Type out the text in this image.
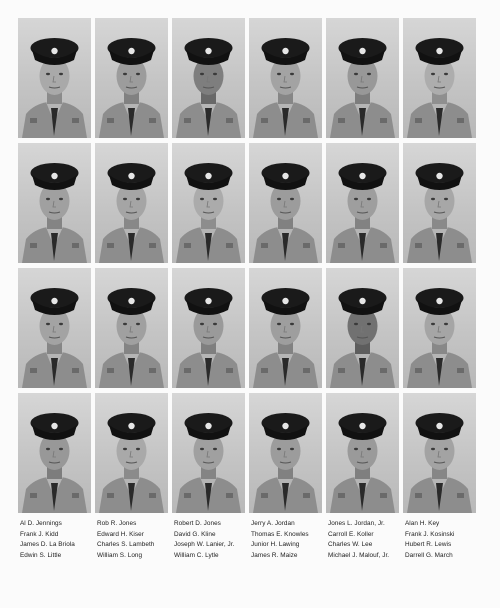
Al D. Jennings
Frank J. Kidd
James D. La Briola
Edwin S. Little
Rob R. Jones
Edward H. Kiser
Charles S. Lambeth
William S. Long
Robert D. Jones
David G. Kline
Joseph W. Lanier, Jr.
William C. Lytle
Jerry A. Jordan
Thomas E. Knowles
Junior H. Lawing
James R. Maize
Jones L. Jordan, Jr.
Carroll E. Koller
Charles W. Lee
Michael J. Malouf, Jr.
Alan H. Key
Frank J. Kosinski
Hubert R. Lewis
Darrell G. March
